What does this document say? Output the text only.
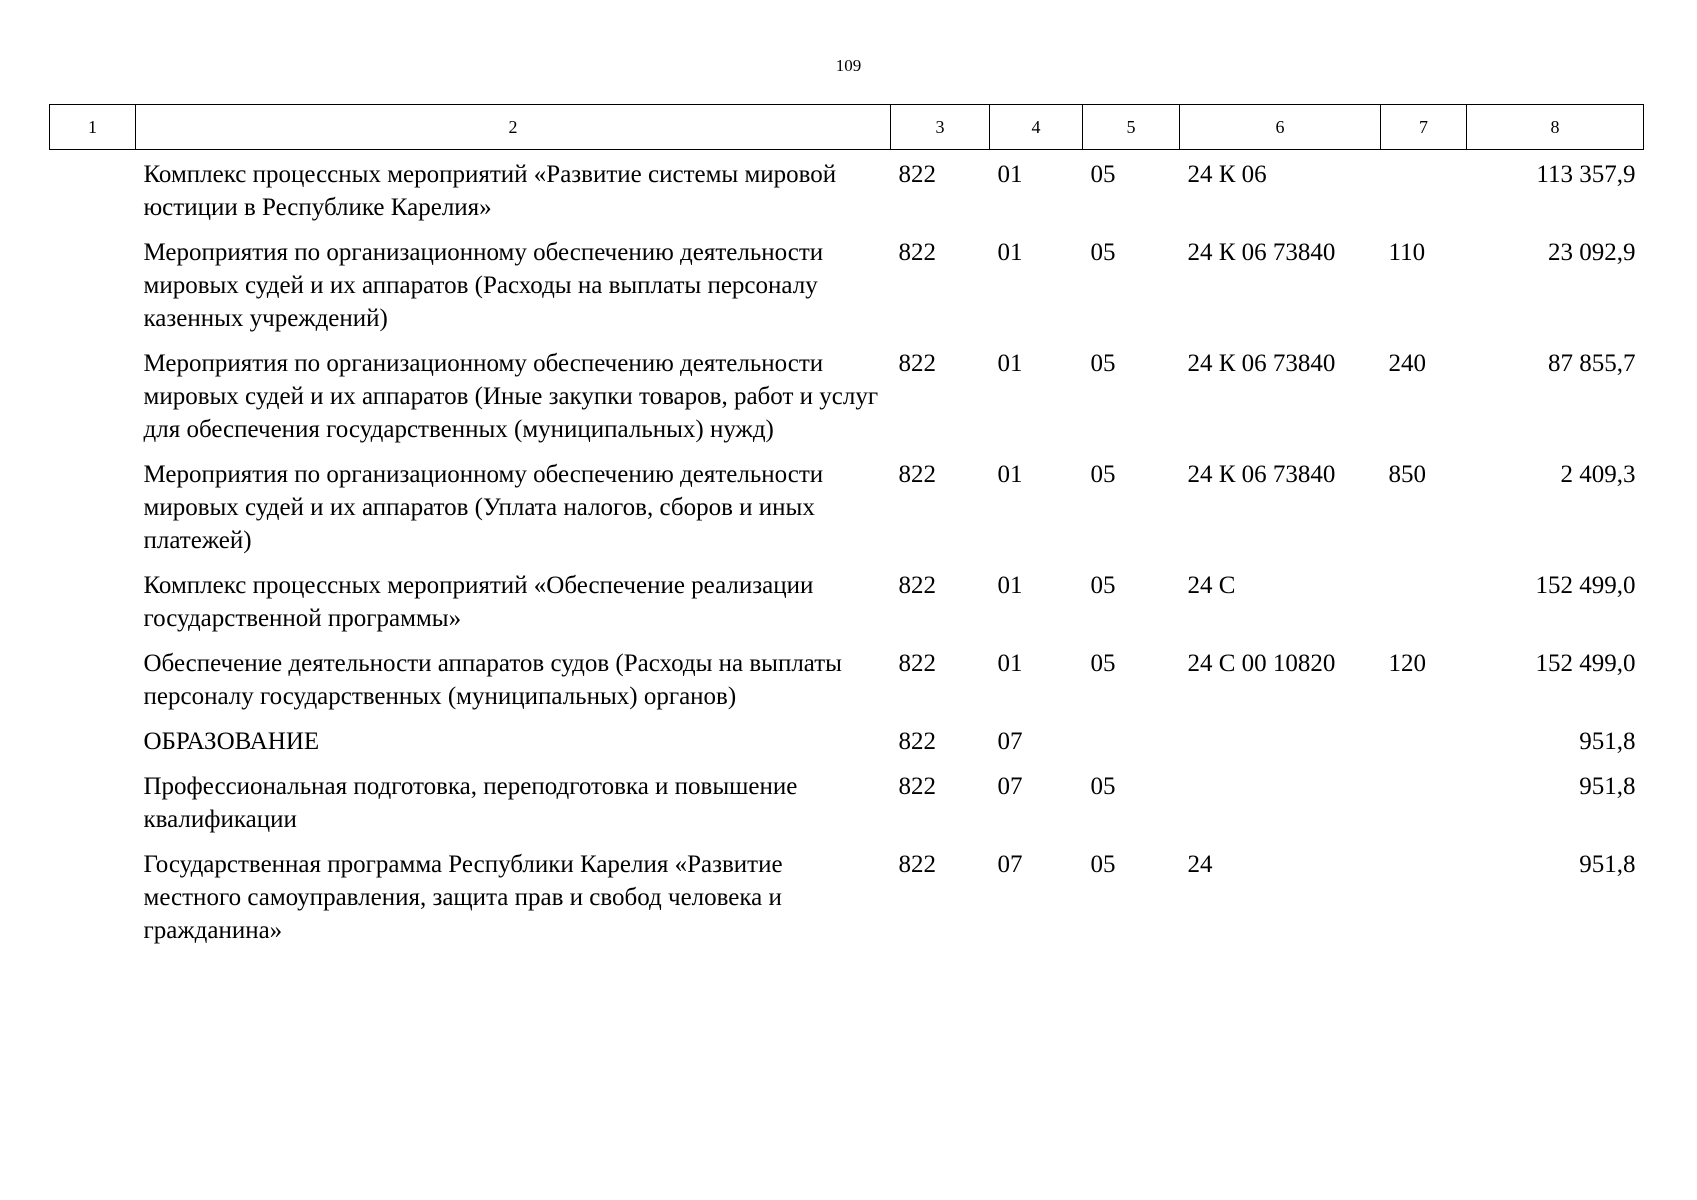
109
1	2	3	4	5	6	7	8
	Комплекс процессных мероприятий «Развитие системы мировой юстиции в Республике Карелия»	822	01	05	24 К 06		113 357,9
	Мероприятия по организационному обеспечению деятельности мировых судей и их аппаратов (Расходы на выплаты персоналу казенных учреждений)	822	01	05	24 К 06 73840	110	23 092,9
	Мероприятия по организационному обеспечению деятельности мировых судей и их аппаратов (Иные закупки товаров, работ и услуг для обеспечения государственных (муниципальных) нужд)	822	01	05	24 К 06 73840	240	87 855,7
	Мероприятия по организационному обеспечению деятельности мировых судей и их аппаратов (Уплата налогов, сборов и иных платежей)	822	01	05	24 К 06 73840	850	2 409,3
	Комплекс процессных мероприятий «Обеспечение реализации государственной программы»	822	01	05	24 С		152 499,0
	Обеспечение деятельности аппаратов судов (Расходы на выплаты персоналу государственных (муниципальных) органов)	822	01	05	24 С 00 10820	120	152 499,0
	ОБРАЗОВАНИЕ	822	07				951,8
	Профессиональная подготовка, переподготовка и повышение квалификации	822	07	05			951,8
	Государственная программа Республики Карелия «Развитие местного самоуправления, защита прав и свобод человека и гражданина»	822	07	05	24		951,8
